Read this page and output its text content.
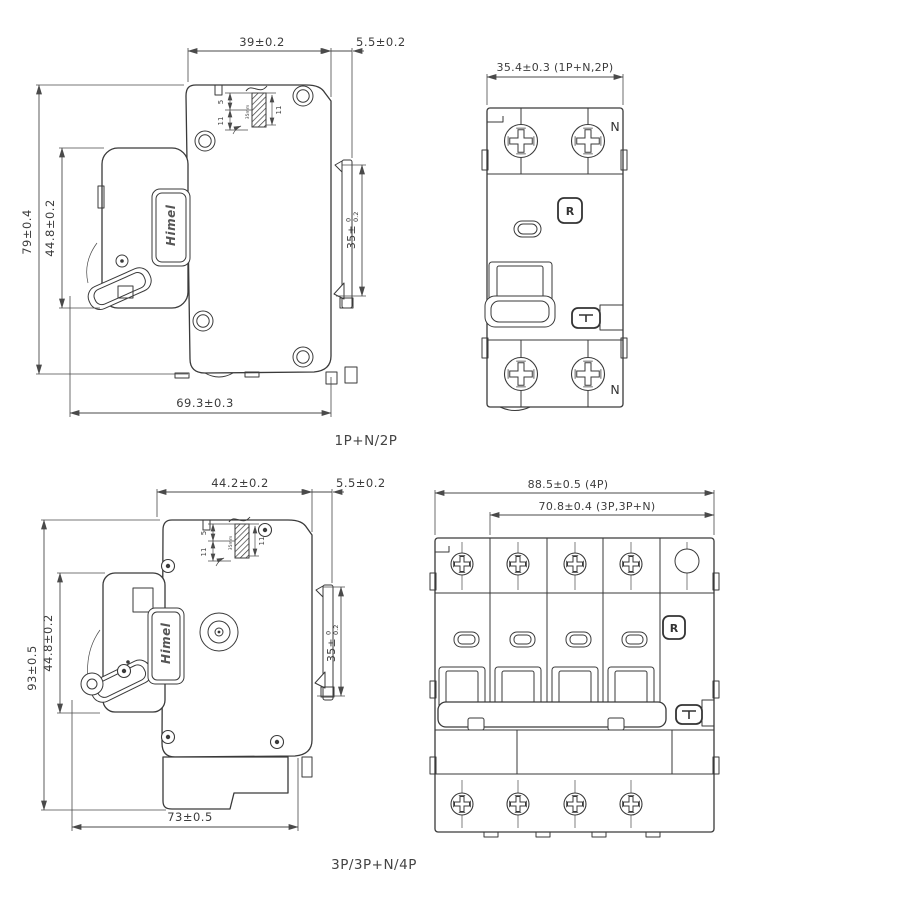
Himel
35mm
5
11
11
39±0.2	5.5±0.2
79±0.4 44.8±0.2
69.3±0.3
35±
0 0.2
N
R
N
35.4±0.3 (1P+N,2P)
1P+N/2P
Himel
35mm
5
11
11
44.2±0.2	5.5±0.2
93±0.5 44.8±0.2
73±0.5
35±
0 0.2	R
88.5±0.5 (4P)
70.8±0.4 (3P,3P+N)
3P/3P+N/4P
